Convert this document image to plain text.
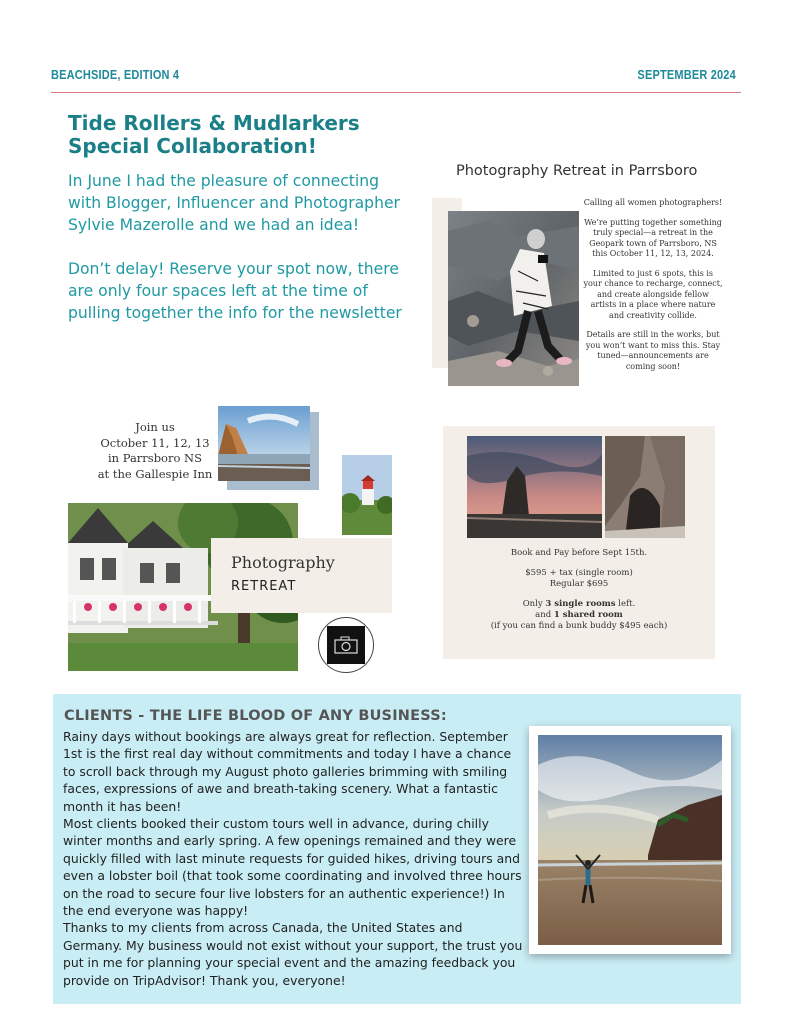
BEACHSIDE, EDITION 4	SEPTEMBER 2024
Tide Rollers & Mudlarkers
Special Collaboration!

In June I had the pleasure of connecting with Blogger, Influencer and Photographer Sylvie Mazerolle and we had an idea!

Don’t delay! Reserve your spot now, there are only four spaces left at the time of pulling together the info for the newsletter

Photography Retreat in Parrsboro

Calling all women photographers!

We’re putting together something truly special—a retreat in the Geopark town of Parrsboro, NS this October 11, 12, 13, 2024.

Limited to just 6 spots, this is your chance to recharge, connect, and create alongside fellow artists in a place where nature and creativity collide.

Details are still in the works, but you won’t want to miss this. Stay tuned—announcements are coming soon!

Join us
October 11, 12, 13
in Parrsboro NS
at the Gallespie Inn
Photography
RETREAT
Book and Pay before Sept 15th.
$595 + tax (single room)
Regular $695
Only 3 single rooms left.
and 1 shared room
(if you can find a bunk buddy $495 each)
CLIENTS - THE LIFE BLOOD OF ANY BUSINESS:
Rainy days without bookings are always great for reflection. September 1st is the first real day without commitments and today I have a chance to scroll back through my August photo galleries brimming with smiling faces, expressions of awe and breath-taking scenery. What a fantastic month it has been!
Most clients booked their custom tours well in advance, during chilly winter months and early spring. A few openings remained and they were quickly filled with last minute requests for guided hikes, driving tours and even a lobster boil (that took some coordinating and involved three hours on the road to secure four live lobsters for an authentic experience!) In the end everyone was happy!
Thanks to my clients from across Canada, the United States and Germany. My business would not exist without your support, the trust you put in me for planning your special event and the amazing feedback you provide on TripAdvisor! Thank you, everyone!
